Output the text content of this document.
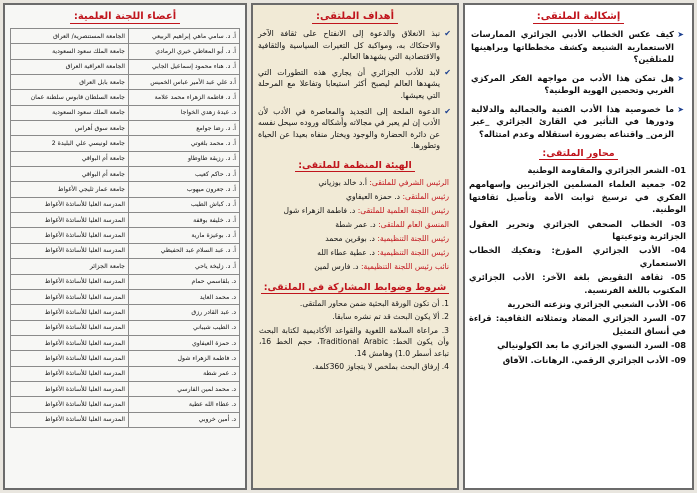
إشكالية الملتقى:
➤
كيف عكس الخطاب الأدبي الجزائري الممارسات الاستعمارية الشنيعة وكشف مخططاتها وبراهينها للمتلقين؟
➤
هل تمكن هذا الأدب من مواجهة الفكر المركزي الغربي وتحصين الهوية الوطنية؟
➤
ما خصوصية هذا الأدب الفنية والجمالية والدلالية ودورها في التأثير في القارئ الجزائري _عبر الزمن_ واقتناعه بضرورة استقلاله وعدم امتثاله؟
محاور الملتقى:
01- الشعر الجزائري والمقاومة الوطنية
02- جمعية العلماء المسلمين الجزائريين وإسهامهم الفكري في ترسيخ ثوابت الأمة وتأصيل ثقافتها الوطنية.
03- الخطاب الصحفي الجزائري وتحرير العقول الجزائرية وتوعيتها
04- الأدب الجزائري المؤرخ: وتفكيك الخطاب الاستعماري
05- ثقافة التقويض بلغة الآخر: الأدب الجزائري المكتوب باللغة الفرنسية.
06- الأدب الشعبي الجزائري ونزعته التحررية
07- السرد الجزائري المضاد وتمثلاته الثقافية: قراءة في أنساق التمثيل
08- السرد النسوي الجزائري ما بعد الكولونيالي
09- الأدب الجزائري الرقمي. الرهانات. الآفاق
أهداف الملتقى:
✔
نبذ الانغلاق والدعوة إلى الانفتاح على ثقافة الآخر والاحتكاك به، ومواكبة كل التغيرات السياسية والثقافية والاقتصادية التي يشهدها العالم.
✔
لابد للأدب الجزائري أن يجاري هذه التطورات التي يشهدها العالم ليصبح أكثر استيعابا وتفاعلا مع المرحلة التي يعيشها.
✔
الدعوة الملحة إلى التجديد والمعاصرة في الأدب لأن الأدب إن لم يعبر في مجالاته وأشكاله وروده سيحل نفسه عن دائرة الحضارة والوجود ويختار منفاه بعيدا عن الحياة وتطورها.
الهيئة المنظمة للملتقى:
الرئيس الشرفي للملتقى: أ.د خالد بوزياني
رئيس الملتقى: د. حمزة العيفاوي
رئيس اللجنة العلمية للملتقى: د. فاطمة الزهراء شول
المنسق العام للملتقى: د. عمر شطة
رئيس اللجنة التنظيمية: د. بوقرين محمد
رئيس اللجنة التنظيمية: د. عطية عطاء الله
نائب رئيس اللجنة التنظيمية: د. فارس لمين
شروط وضوابط المشاركة في الملتقى:
1. أن تكون الورقة البحثية ضمن محاور الملتقى.
2. ألا يكون البحث قد تم نشره سابقا.
3. مراعاة السلامة اللغوية والقواعد الأكاديمية لكتابة البحث وأن يكون الخط: Traditional Arabic، حجم الخط 16، تباعد أسطر 1.0) وهامش 14.
4. إرفاق البحث بملخص لا يتجاوز 360كلمة.
أعضاء اللجنة العلمية:
أ. د. سامي ماهي إبراهيم الربيعي	الجامعة المستنصرية/ العراق
أ. د. أبو المعاطي خيري الرمادي	جامعة الملك سعود السعودية
أ. د. هناء محمود إسماعيل الجابي	الجامعة العراقية العراق
أ.د علي عبد الأمير عباس الخميس	جامعة بابل العراق
أ. د. فاطمة الزهراء محمد علامة	جامعة السلطان قابوس سلطنة عمان
د. عيدة زهدي الخواجا	جامعة الملك سعود السعودية
أ. د. رضا جوامع	جامعة سوق أهراس
أ. د. محمد بلغوتي	جامعة لونيسي علي البليدة 2
أ. د. رزيقة طاوطاو	جامعة أم البواقي
أ. د. حاكم كعيب	جامعة أم البواقي
أ. د. جعرون ميهوب	جامعة عمار ثليجي الأغواط
أ. د. كباش الطيب	المدرسة العليا للأساتذة الأغواط
أ. د. خليفة بوقفة	المدرسة العليا للأساتذة الأغواط
أ. د. بوعيزة مارية	المدرسة العليا للأساتذة الأغواط
أ. د. عبد السلام عبد الحفيظي	المدرسة العليا للأساتذة الأغواط
أ. د. زليخة ياحي	جامعة الجزائر
د. بلقاسمي حمام	المدرسة العليا للأساتذة الأغواط
د. محمد العايد	المدرسة العليا للأساتذة الأغواط
د. عبد القادر رزق	المدرسة العليا للأساتذة الأغواط
د. الطيب شيباني	المدرسة العليا للأساتذة الأغواط
د. حمزة العيفاوي	المدرسة العليا للأساتذة الأغواط
د. فاطمة الزهراء شول	المدرسة العليا للأساتذة الأغواط
د. عمر شطة	المدرسة العليا للأساتذة الأغواط
د. محمد لمين الفارسي	المدرسة العليا للأساتذة الأغواط
د. عطاء الله عطية	المدرسة العليا للأساتذة الأغواط
د. أمين خروبي	المدرسة العليا للأساتذة الأغواط
